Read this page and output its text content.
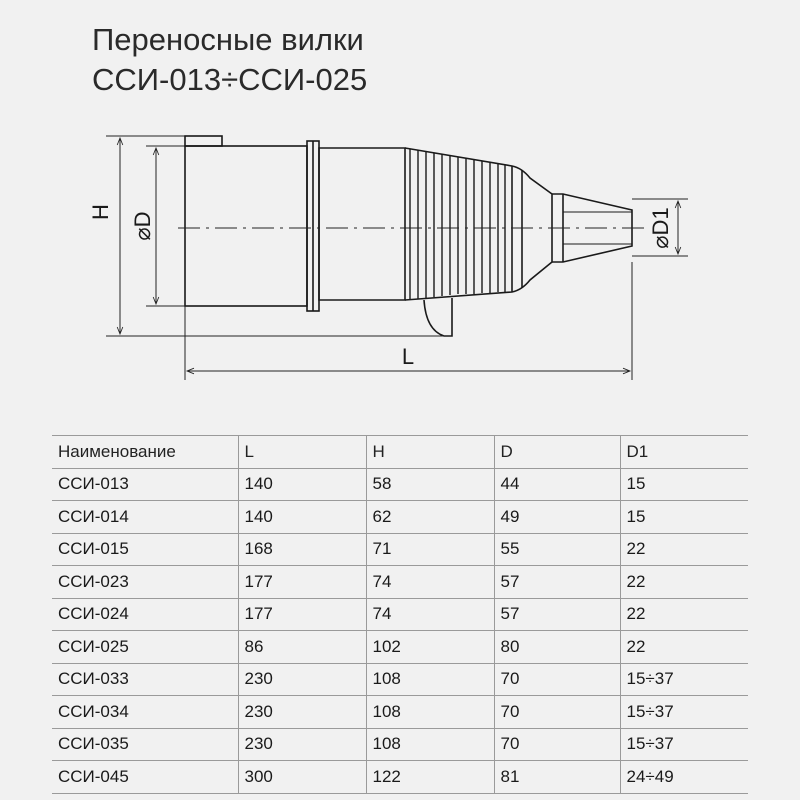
Переносные вилки
ССИ-013÷ССИ-025
H ⌀D	⌀D1
L
Наименование	L	H	D	D1
ССИ-013	140	58	44	15
ССИ-014	140	62	49	15
ССИ-015	168	71	55	22
ССИ-023	177	74	57	22
ССИ-024	177	74	57	22
ССИ-025	86	102	80	22
ССИ-033	230	108	70	15÷37
ССИ-034	230	108	70	15÷37
ССИ-035	230	108	70	15÷37
ССИ-045	300	122	81	24÷49
